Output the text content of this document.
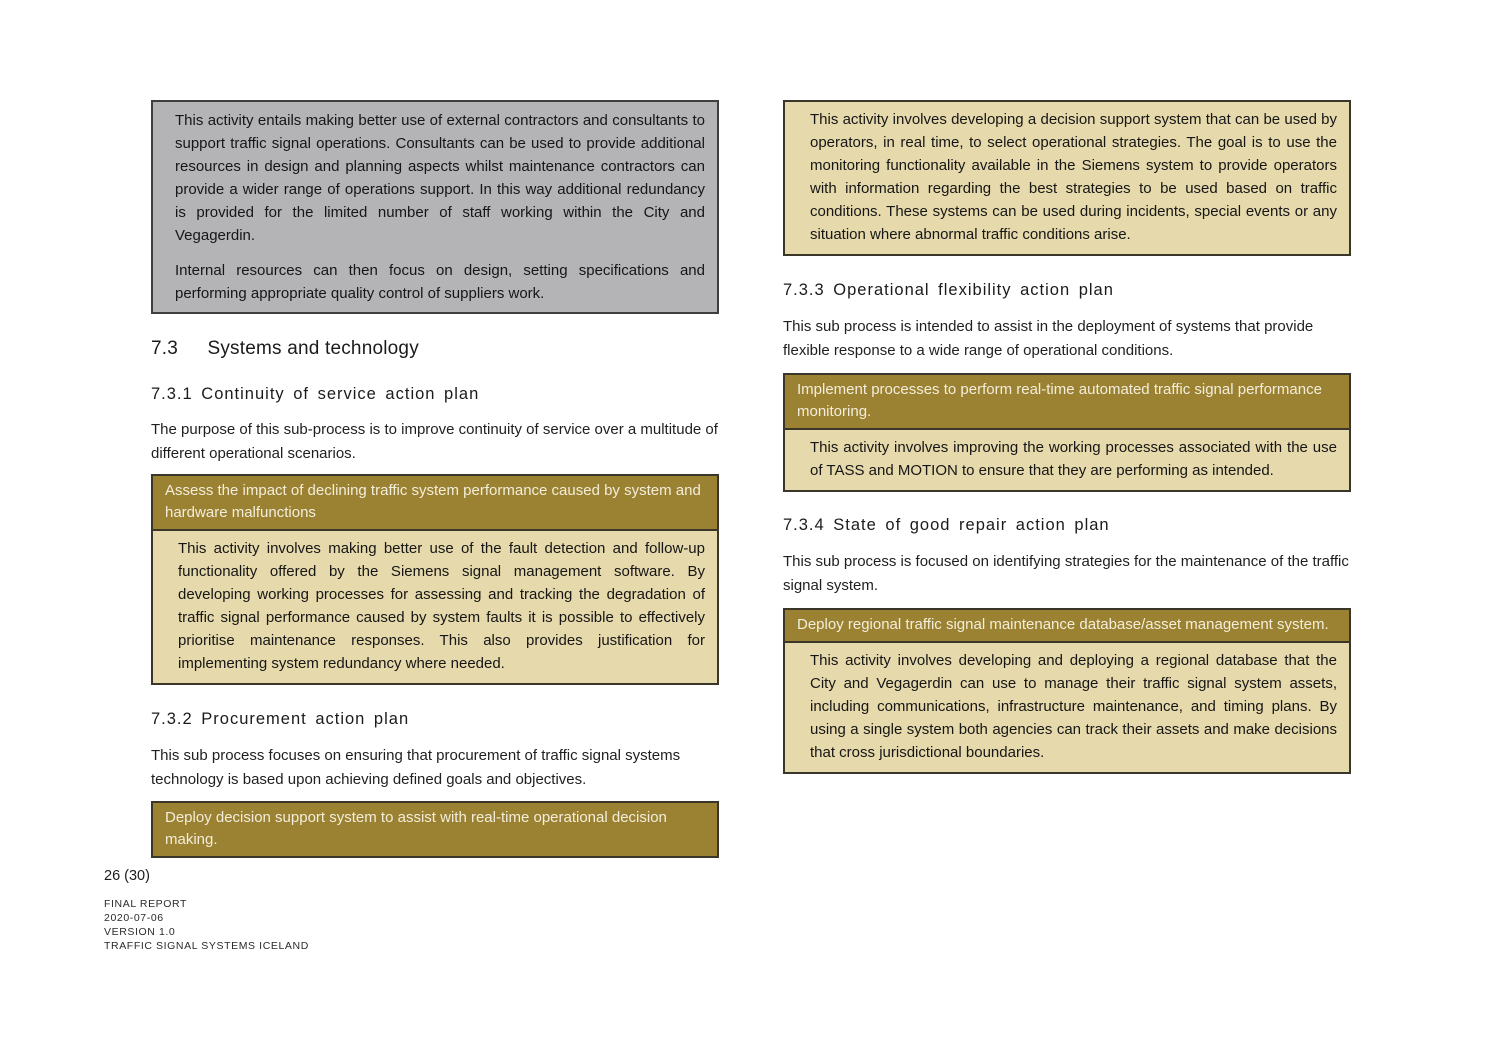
This activity entails making better use of external contractors and consultants to support traffic signal operations. Consultants can be used to provide additional resources in design and planning aspects whilst maintenance contractors can provide a wider range of operations support. In this way additional redundancy is provided for the limited number of staff working within the City and Vegagerdin.

Internal resources can then focus on design, setting specifications and performing appropriate quality control of suppliers work.

7.3 Systems and technology
7.3.1 Continuity of service action plan

The purpose of this sub-process is to improve continuity of service over a multitude of different operational scenarios.

Assess the impact of declining traffic system performance caused by system and hardware malfunctions
This activity involves making better use of the fault detection and follow-up functionality offered by the Siemens signal management software. By developing working processes for assessing and tracking the degradation of traffic signal performance caused by system faults it is possible to effectively prioritise maintenance responses. This also provides justification for implementing system redundancy where needed.
7.3.2 Procurement action plan

This sub process focuses on ensuring that procurement of traffic signal systems technology is based upon achieving defined goals and objectives.

Deploy decision support system to assist with real-time operational decision making.
This activity involves developing a decision support system that can be used by operators, in real time, to select operational strategies. The goal is to use the monitoring functionality available in the Siemens system to provide operators with information regarding the best strategies to be used based on traffic conditions. These systems can be used during incidents, special events or any situation where abnormal traffic conditions arise.
7.3.3 Operational flexibility action plan

This sub process is intended to assist in the deployment of systems that provide flexible response to a wide range of operational conditions.

Implement processes to perform real-time automated traffic signal performance monitoring.
This activity involves improving the working processes associated with the use of TASS and MOTION to ensure that they are performing as intended.
7.3.4 State of good repair action plan

This sub process is focused on identifying strategies for the maintenance of the traffic signal system.

Deploy regional traffic signal maintenance database/asset management system.
This activity involves developing and deploying a regional database that the City and Vegagerdin can use to manage their traffic signal system assets, including communications, infrastructure maintenance, and timing plans. By using a single system both agencies can track their assets and make decisions that cross jurisdictional boundaries.
26 (30)
FINAL REPORT
2020-07-06
VERSION 1.0
TRAFFIC SIGNAL SYSTEMS ICELAND
